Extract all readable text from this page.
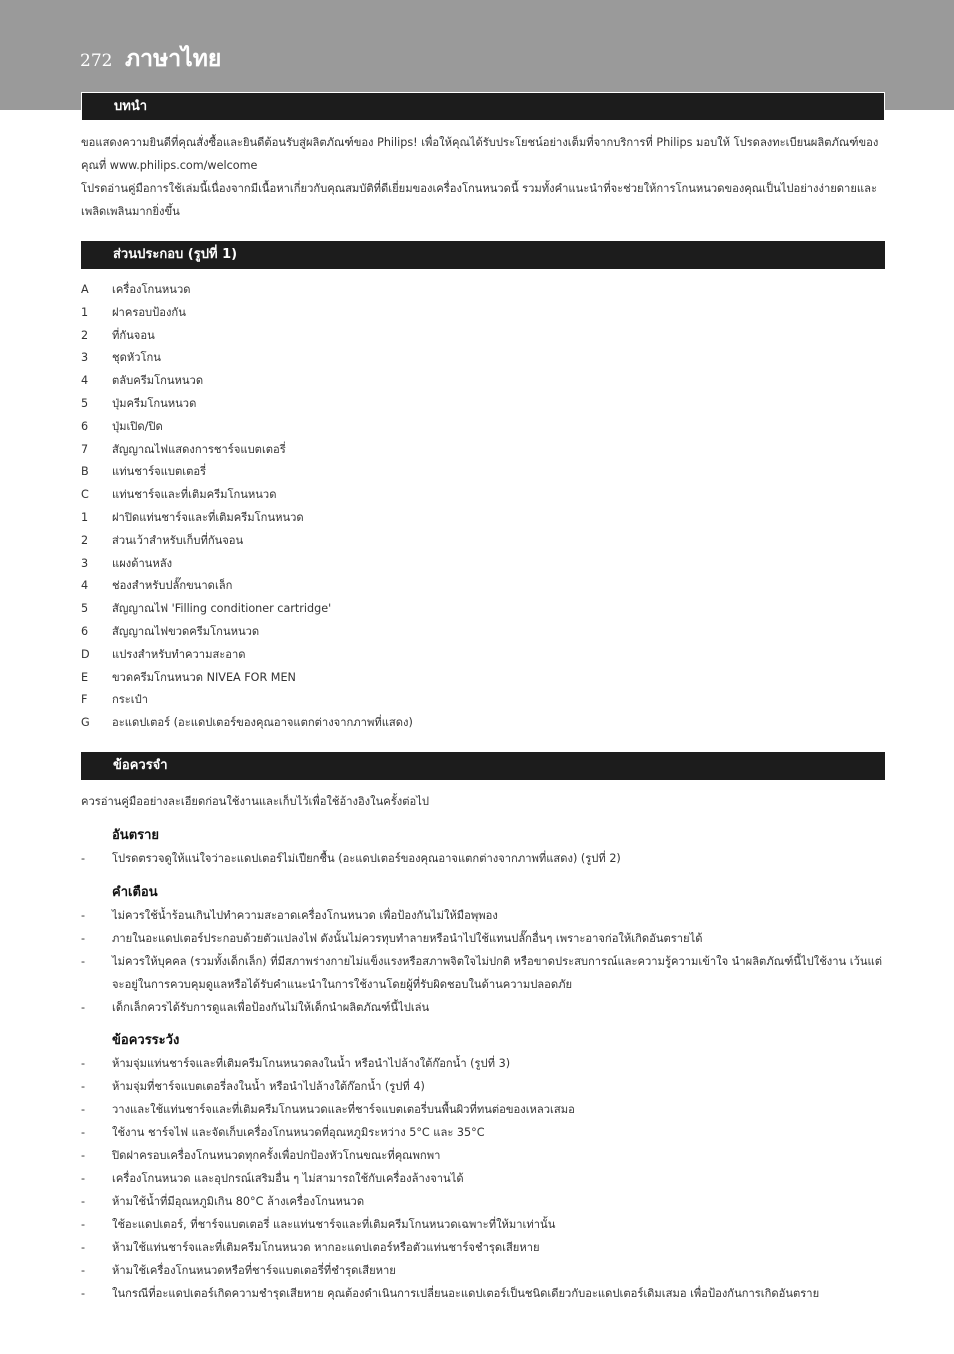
272 ภาษาไทย
บทนำ
ขอแสดงความยินดีที่คุณสั่งซื้อและยินดีต้อนรับสู่ผลิตภัณฑ์ของ Philips! เพื่อให้คุณได้รับประโยชน์อย่างเต็มที่จากบริการที่ Philips มอบให้ โปรดลงทะเบียนผลิตภัณฑ์ของคุณที่ www.philips.com/welcome
โปรดอ่านคู่มือการใช้เล่มนี้เนื่องจากมีเนื้อหาเกี่ยวกับคุณสมบัติที่ดีเยี่ยมของเครื่องโกนหนวดนี้ รวมทั้งคำแนะนำที่จะช่วยให้การโกนหนวดของคุณเป็นไปอย่างง่ายดายและเพลิดเพลินมากยิ่งขึ้น
ส่วนประกอบ (รูปที่ 1)
A	เครื่องโกนหนวด
1	ฝาครอบป้องกัน
2	ที่กันจอน
3	ชุดหัวโกน
4	ตลับครีมโกนหนวด
5	ปุ่มครีมโกนหนวด
6	ปุ่มเปิด/ปิด
7	สัญญาณไฟแสดงการชาร์จแบตเตอรี่
B	แท่นชาร์จแบตเตอรี่
C	แท่นชาร์จและที่เติมครีมโกนหนวด
1	ฝาปิดแท่นชาร์จและที่เติมครีมโกนหนวด
2	ส่วนเว้าสำหรับเก็บที่กันจอน
3	แผงด้านหลัง
4	ช่องสำหรับปลั๊กขนาดเล็ก
5	สัญญาณไฟ 'Filling conditioner cartridge'
6	สัญญาณไฟขวดครีมโกนหนวด
D	แปรงสำหรับทำความสะอาด
E	ขวดครีมโกนหนวด NIVEA FOR MEN
F	กระเป๋า
G	อะแดปเตอร์ (อะแดปเตอร์ของคุณอาจแตกต่างจากภาพที่แสดง)
ข้อควรจำ
ควรอ่านคู่มืออย่างละเอียดก่อนใช้งานและเก็บไว้เพื่อใช้อ้างอิงในครั้งต่อไป
อันตราย
- โปรดตรวจดูให้แน่ใจว่าอะแดปเตอร์ไม่เปียกชื้น (อะแดปเตอร์ของคุณอาจแตกต่างจากภาพที่แสดง) (รูปที่ 2)
คำเตือน
- ไม่ควรใช้น้ำร้อนเกินไปทำความสะอาดเครื่องโกนหนวด เพื่อป้องกันไม่ให้มือพุพอง
- ภายในอะแดปเตอร์ประกอบด้วยตัวแปลงไฟ ดังนั้นไม่ควรทุบทำลายหรือนำไปใช้แทนปลั๊กอื่นๆ เพราะอาจก่อให้เกิดอันตรายได้
- ไม่ควรให้บุคคล (รวมทั้งเด็กเล็ก) ที่มีสภาพร่างกายไม่แข็งแรงหรือสภาพจิตใจไม่ปกติ หรือขาดประสบการณ์และความรู้ความเข้าใจ นำผลิตภัณฑ์นี้ไปใช้งาน เว้นแต่จะอยู่ในการควบคุมดูแลหรือได้รับคำแนะนำในการใช้งานโดยผู้ที่รับผิดชอบในด้านความปลอดภัย
- เด็กเล็กควรได้รับการดูแลเพื่อป้องกันไม่ให้เด็กนำผลิตภัณฑ์นี้ไปเล่น
ข้อควรระวัง
- ห้ามจุ่มแท่นชาร์จและที่เติมครีมโกนหนวดลงในน้ำ หรือนำไปล้างใต้ก๊อกน้ำ (รูปที่ 3)
- ห้ามจุ่มที่ชาร์จแบตเตอรี่ลงในน้ำ หรือนำไปล้างใต้ก๊อกน้ำ (รูปที่ 4)
- วางและใช้แท่นชาร์จและที่เติมครีมโกนหนวดและที่ชาร์จแบตเตอรี่บนพื้นผิวที่ทนต่อของเหลวเสมอ
- ใช้งาน ชาร์จไฟ และจัดเก็บเครื่องโกนหนวดที่อุณหภูมิระหว่าง 5°C และ 35°C
- ปิดฝาครอบเครื่องโกนหนวดทุกครั้งเพื่อปกป้องหัวโกนขณะที่คุณพกพา
- เครื่องโกนหนวด และอุปกรณ์เสริมอื่น ๆ ไม่สามารถใช้กับเครื่องล้างจานได้
- ห้ามใช้น้ำที่มีอุณหภูมิเกิน 80°C ล้างเครื่องโกนหนวด
- ใช้อะแดปเตอร์, ที่ชาร์จแบตเตอรี่ และแท่นชาร์จและที่เติมครีมโกนหนวดเฉพาะที่ให้มาเท่านั้น
- ห้ามใช้แท่นชาร์จและที่เติมครีมโกนหนวด หากอะแดปเตอร์หรือตัวแท่นชาร์จชำรุดเสียหาย
- ห้ามใช้เครื่องโกนหนวดหรือที่ชาร์จแบตเตอรี่ที่ชำรุดเสียหาย
- ในกรณีที่อะแดปเตอร์เกิดความชำรุดเสียหาย คุณต้องดำเนินการเปลี่ยนอะแดปเตอร์เป็นชนิดเดียวกับอะแดปเตอร์เดิมเสมอ เพื่อป้องกันการเกิดอันตราย
